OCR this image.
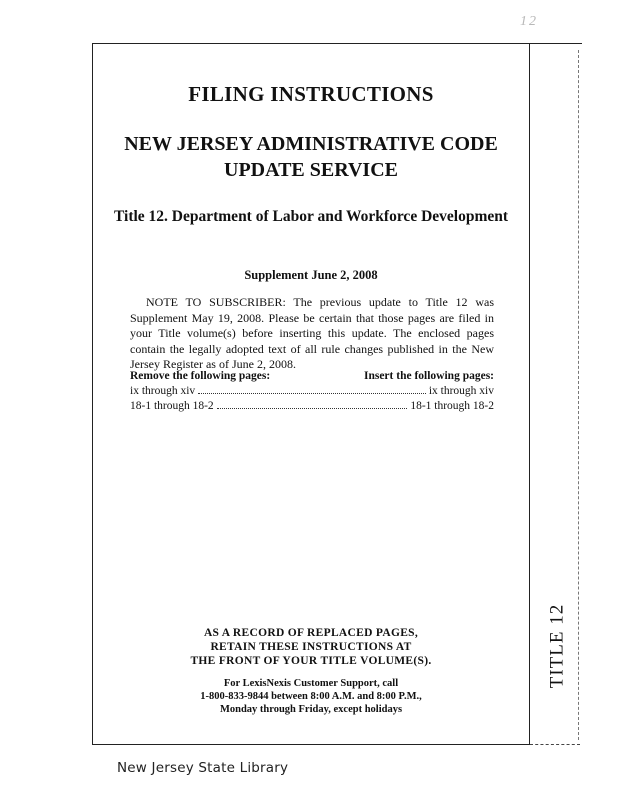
12
TITLE 12
FILING INSTRUCTIONS
NEW JERSEY ADMINISTRATIVE CODE
UPDATE SERVICE
Title 12. Department of Labor and Workforce Development
Supplement June 2, 2008
NOTE TO SUBSCRIBER: The previous update to Title 12 was Supplement May 19, 2008. Please be certain that those pages are filed in your Title volume(s) before inserting this update. The enclosed pages contain the legally adopted text of all rule changes published in the New Jersey Register as of June 2, 2008.
Remove the following pages:	Insert the following pages:
ix through xiv	ix through xiv
18-1 through 18-2	18-1 through 18-2
AS A RECORD OF REPLACED PAGES,
RETAIN THESE INSTRUCTIONS AT
THE FRONT OF YOUR TITLE VOLUME(S).
For LexisNexis Customer Support, call
1-800-833-9844 between 8:00 A.M. and 8:00 P.M.,
Monday through Friday, except holidays
New Jersey State Library
